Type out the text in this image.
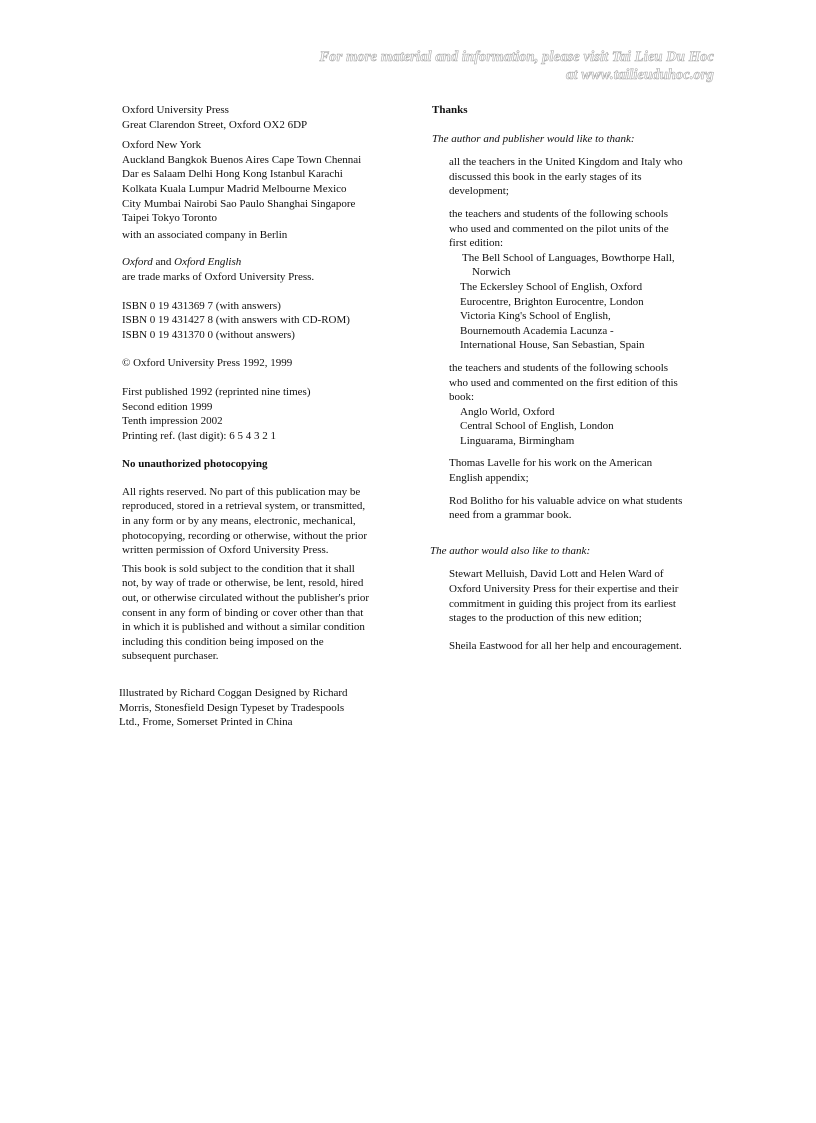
For more material and information, please visit Tai Lieu Du Hoc
at www.tailieuduhoc.org
Oxford University Press
Great Clarendon Street, Oxford OX2 6DP
Oxford New York
Auckland Bangkok Buenos Aires Cape Town Chennai
Dar es Salaam Delhi Hong Kong Istanbul Karachi
Kolkata Kuala Lumpur Madrid Melbourne Mexico
City Mumbai Nairobi Sao Paulo Shanghai Singapore
Taipei Tokyo Toronto
with an associated company in Berlin
Oxford and Oxford English
are trade marks of Oxford University Press.
ISBN 0 19 431369 7 (with answers)
ISBN 0 19 431427 8 (with answers with CD-ROM)
ISBN 0 19 431370 0 (without answers)
© Oxford University Press 1992, 1999
First published 1992 (reprinted nine times)
Second edition 1999
Tenth impression 2002
Printing ref. (last digit): 6 5 4 3 2 1
No unauthorized photocopying
All rights reserved. No part of this publication may be
reproduced, stored in a retrieval system, or transmitted,
in any form or by any means, electronic, mechanical,
photocopying, recording or otherwise, without the prior
written permission of Oxford University Press.
This book is sold subject to the condition that it shall
not, by way of trade or otherwise, be lent, resold, hired
out, or otherwise circulated without the publisher's prior
consent in any form of binding or cover other than that
in which it is published and without a similar condition
including this condition being imposed on the
subsequent purchaser.
Illustrated by Richard Coggan Designed by Richard
Morris, Stonesfield Design Typeset by Tradespools
Ltd., Frome, Somerset Printed in China
Thanks
The author and publisher would like to thank:
all the teachers in the United Kingdom and Italy who
discussed this book in the early stages of its
development;
the teachers and students of the following schools
who used and commented on the pilot units of the
first edition:
The Bell School of Languages, Bowthorpe Hall,
Norwich
The Eckersley School of English, Oxford
Eurocentre, Brighton Eurocentre, London
Victoria King's School of English,
Bournemouth Academia Lacunza -
International House, San Sebastian, Spain
the teachers and students of the following schools
who used and commented on the first edition of this
book:
Anglo World, Oxford
Central School of English, London
Linguarama, Birmingham
Thomas Lavelle for his work on the American
English appendix;
Rod Bolitho for his valuable advice on what students
need from a grammar book.
The author would also like to thank:
Stewart Melluish, David Lott and Helen Ward of
Oxford University Press for their expertise and their
commitment in guiding this project from its earliest
stages to the production of this new edition;
Sheila Eastwood for all her help and encouragement.
